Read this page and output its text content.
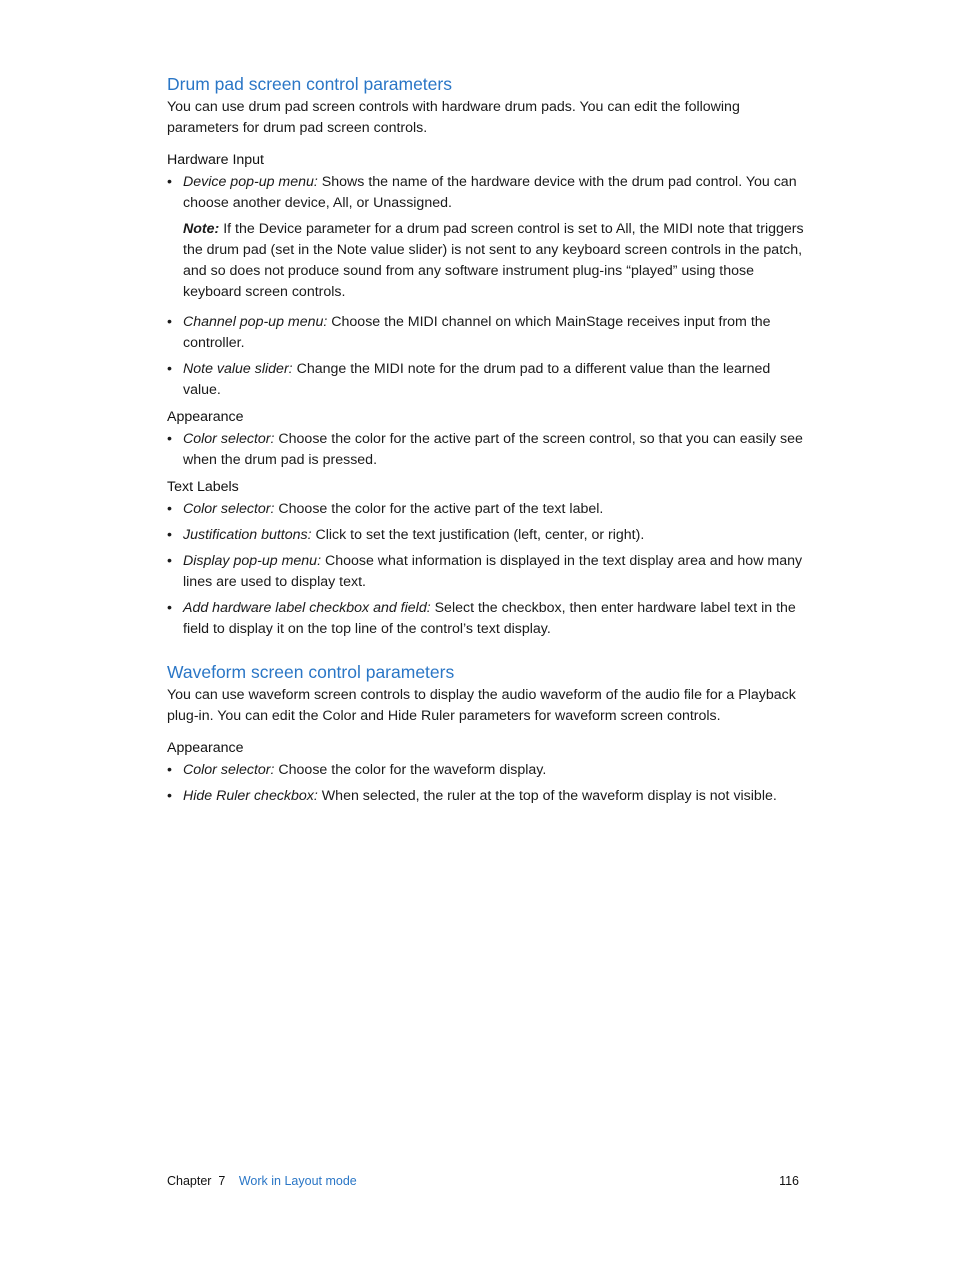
Drum pad screen control parameters

You can use drum pad screen controls with hardware drum pads. You can edit the following parameters for drum pad screen controls.

Hardware Input
• Device pop-up menu: Shows the name of the hardware device with the drum pad control. You can choose another device, All, or Unassigned.
Note: If the Device parameter for a drum pad screen control is set to All, the MIDI note that triggers the drum pad (set in the Note value slider) is not sent to any keyboard screen controls in the patch, and so does not produce sound from any software instrument plug-ins “played” using those keyboard screen controls.
• Channel pop-up menu: Choose the MIDI channel on which MainStage receives input from the controller.
• Note value slider: Change the MIDI note for the drum pad to a different value than the learned value.
Appearance
• Color selector: Choose the color for the active part of the screen control, so that you can easily see when the drum pad is pressed.
Text Labels
• Color selector: Choose the color for the active part of the text label.
• Justification buttons: Click to set the text justification (left, center, or right).
• Display pop-up menu: Choose what information is displayed in the text display area and how many lines are used to display text.
• Add hardware label checkbox and field: Select the checkbox, then enter hardware label text in the field to display it on the top line of the control’s text display.
Waveform screen control parameters

You can use waveform screen controls to display the audio waveform of the audio file for a Playback plug-in. You can edit the Color and Hide Ruler parameters for waveform screen controls.

Appearance
• Color selector: Choose the color for the waveform display.
• Hide Ruler checkbox: When selected, the ruler at the top of the waveform display is not visible.
Chapter  7 Work in Layout mode	116
